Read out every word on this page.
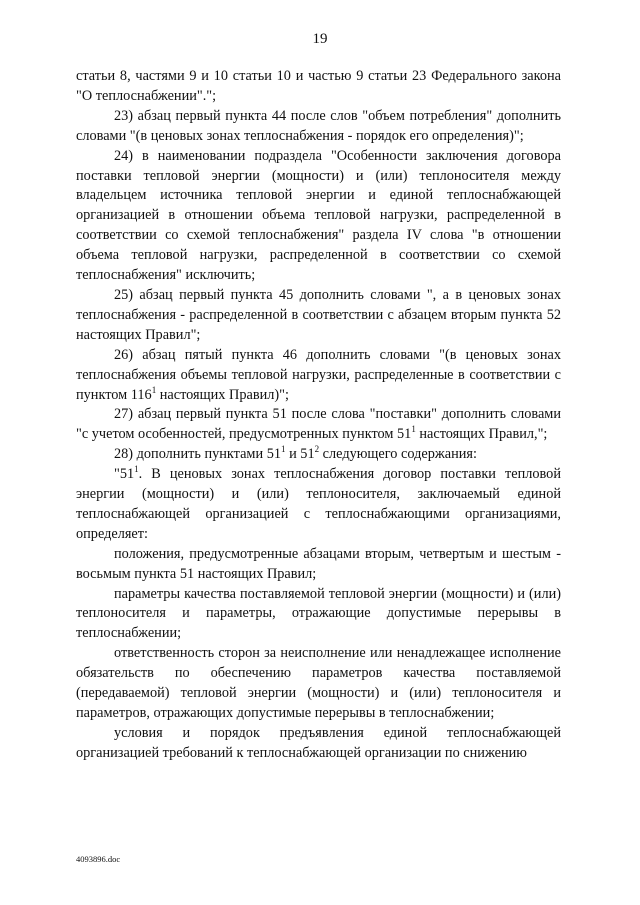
19

статьи 8, частями 9 и 10 статьи 10 и частью 9 статьи 23 Федерального закона "О теплоснабжении".";

23) абзац первый пункта 44 после слов "объем потребления" дополнить словами "(в ценовых зонах теплоснабжения - порядок его определения)";

24) в наименовании подраздела "Особенности заключения договора поставки тепловой энергии (мощности) и (или) теплоносителя между владельцем источника тепловой энергии и единой теплоснабжающей организацией в отношении объема тепловой нагрузки, распределенной в соответствии со схемой теплоснабжения" раздела IV слова "в отношении объема тепловой нагрузки, распределенной в соответствии со схемой теплоснабжения" исключить;

25) абзац первый пункта 45 дополнить словами ", а в ценовых зонах теплоснабжения - распределенной в соответствии с абзацем вторым пункта 52 настоящих Правил";

26) абзац пятый пункта 46 дополнить словами "(в ценовых зонах теплоснабжения объемы тепловой нагрузки, распределенные в соответствии с пунктом $116^1$ настоящих Правил)";

27) абзац первый пункта 51 после слова "поставки" дополнить словами "с учетом особенностей, предусмотренных пунктом $51^1$ настоящих Правил,";

28) дополнить пунктами $51^1$ и $51^2$ следующего содержания:

"$51^1$. В ценовых зонах теплоснабжения договор поставки тепловой энергии (мощности) и (или) теплоносителя, заключаемый единой теплоснабжающей организацией с теплоснабжающими организациями, определяет:

положения, предусмотренные абзацами вторым, четвертым и шестым - восьмым пункта 51 настоящих Правил;

параметры качества поставляемой тепловой энергии (мощности) и (или) теплоносителя и параметры, отражающие допустимые перерывы в теплоснабжении;

ответственность сторон за неисполнение или ненадлежащее исполнение обязательств по обеспечению параметров качества поставляемой (передаваемой) тепловой энергии (мощности) и (или) теплоносителя и параметров, отражающих допустимые перерывы в теплоснабжении;

условия и порядок предъявления единой теплоснабжающей организацией требований к теплоснабжающей организации по снижению

4093896.doc
